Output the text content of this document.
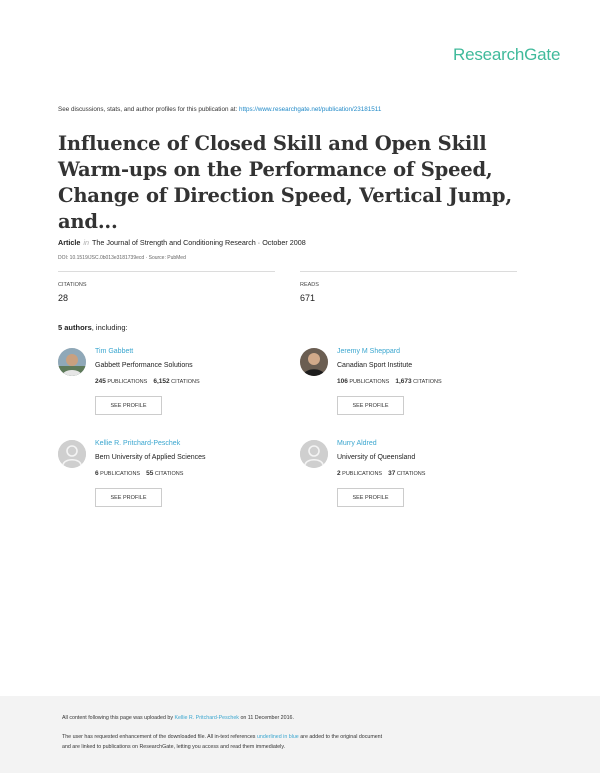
ResearchGate
See discussions, stats, and author profiles for this publication at: https://www.researchgate.net/publication/23181511
Influence of Closed Skill and Open Skill Warm-ups on the Performance of Speed, Change of Direction Speed, Vertical Jump, and...
Article in The Journal of Strength and Conditioning Research · October 2008
DOI: 10.1519/JSC.0b013e3181739ecd · Source: PubMed
CITATIONS
28
READS
671
5 authors, including:
Tim Gabbett
Gabbett Performance Solutions
245 PUBLICATIONS 6,152 CITATIONS
SEE PROFILE
Jeremy M Sheppard
Canadian Sport Institute
106 PUBLICATIONS 1,673 CITATIONS
SEE PROFILE
Kellie R. Pritchard-Peschek
Bern University of Applied Sciences
6 PUBLICATIONS 55 CITATIONS
SEE PROFILE
Murry Aldred
University of Queensland
2 PUBLICATIONS 37 CITATIONS
SEE PROFILE
All content following this page was uploaded by Kellie R. Pritchard-Peschek on 11 December 2016.
The user has requested enhancement of the downloaded file. All in-text references underlined in blue are added to the original document
and are linked to publications on ResearchGate, letting you access and read them immediately.
